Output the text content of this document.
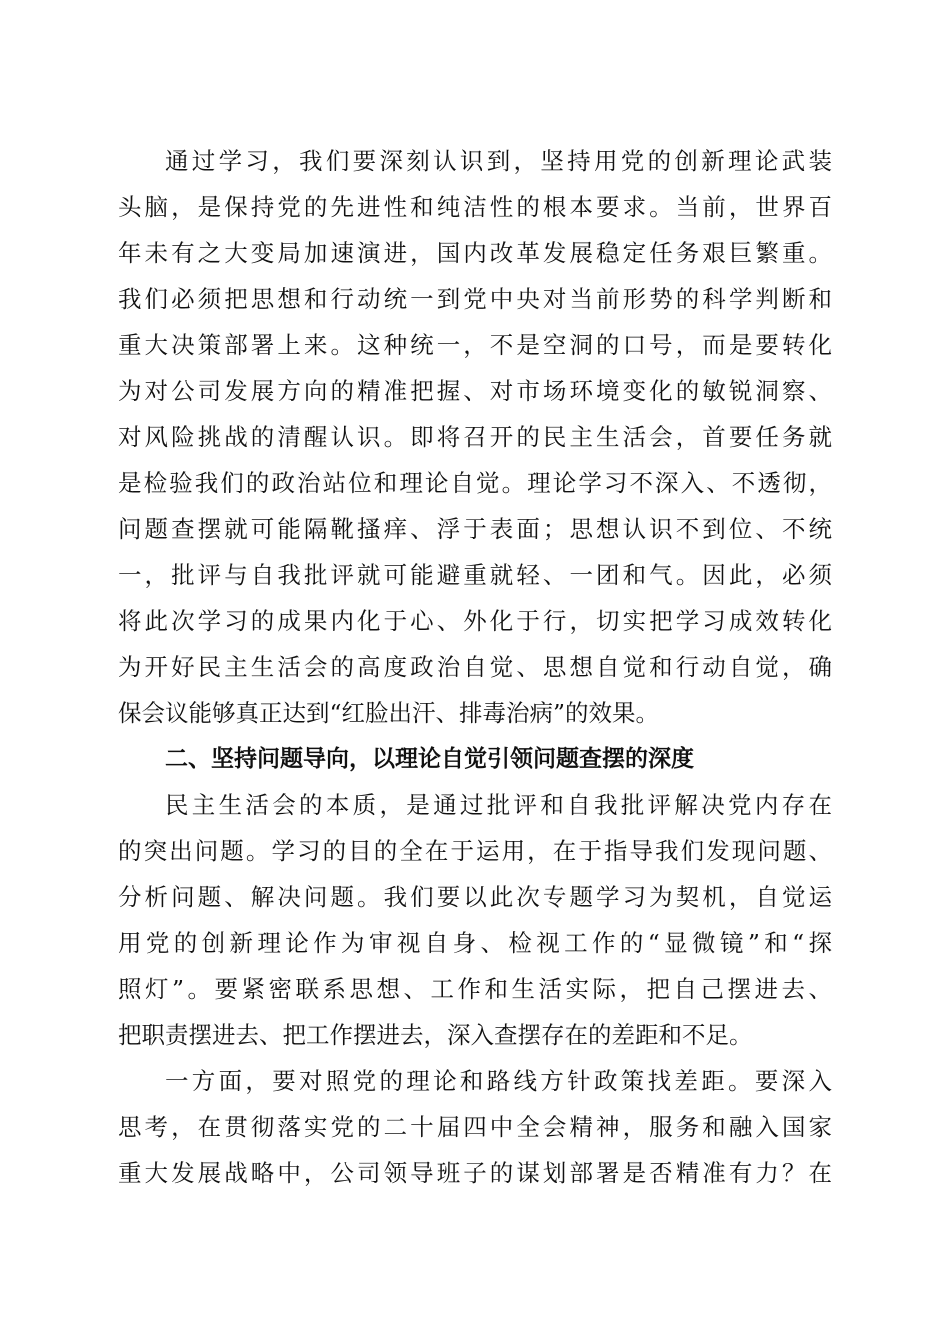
通过学习，我们要深刻认识到，坚持用党的创新理论武装
头脑，是保持党的先进性和纯洁性的根本要求。当前，世界百
年未有之大变局加速演进，国内改革发展稳定任务艰巨繁重。
我们必须把思想和行动统一到党中央对当前形势的科学判断和
重大决策部署上来。这种统一，不是空洞的口号，而是要转化
为对公司发展方向的精准把握、对市场环境变化的敏锐洞察、
对风险挑战的清醒认识。即将召开的民主生活会，首要任务就
是检验我们的政治站位和理论自觉。理论学习不深入、不透彻，
问题查摆就可能隔靴搔痒、浮于表面；思想认识不到位、不统
一，批评与自我批评就可能避重就轻、一团和气。因此，必须
将此次学习的成果内化于心、外化于行，切实把学习成效转化
为开好民主生活会的高度政治自觉、思想自觉和行动自觉，确
保会议能够真正达到“红脸出汗、排毒治病”的效果。
二、坚持问题导向，以理论自觉引领问题查摆的深度
民主生活会的本质，是通过批评和自我批评解决党内存在
的突出问题。学习的目的全在于运用，在于指导我们发现问题、
分析问题、解决问题。我们要以此次专题学习为契机，自觉运
用党的创新理论作为审视自身、检视工作的“显微镜”和“探
照灯”。要紧密联系思想、工作和生活实际，把自己摆进去、
把职责摆进去、把工作摆进去，深入查摆存在的差距和不足。
一方面，要对照党的理论和路线方针政策找差距。要深入
思考，在贯彻落实党的二十届四中全会精神，服务和融入国家
重大发展战略中，公司领导班子的谋划部署是否精准有力？在
